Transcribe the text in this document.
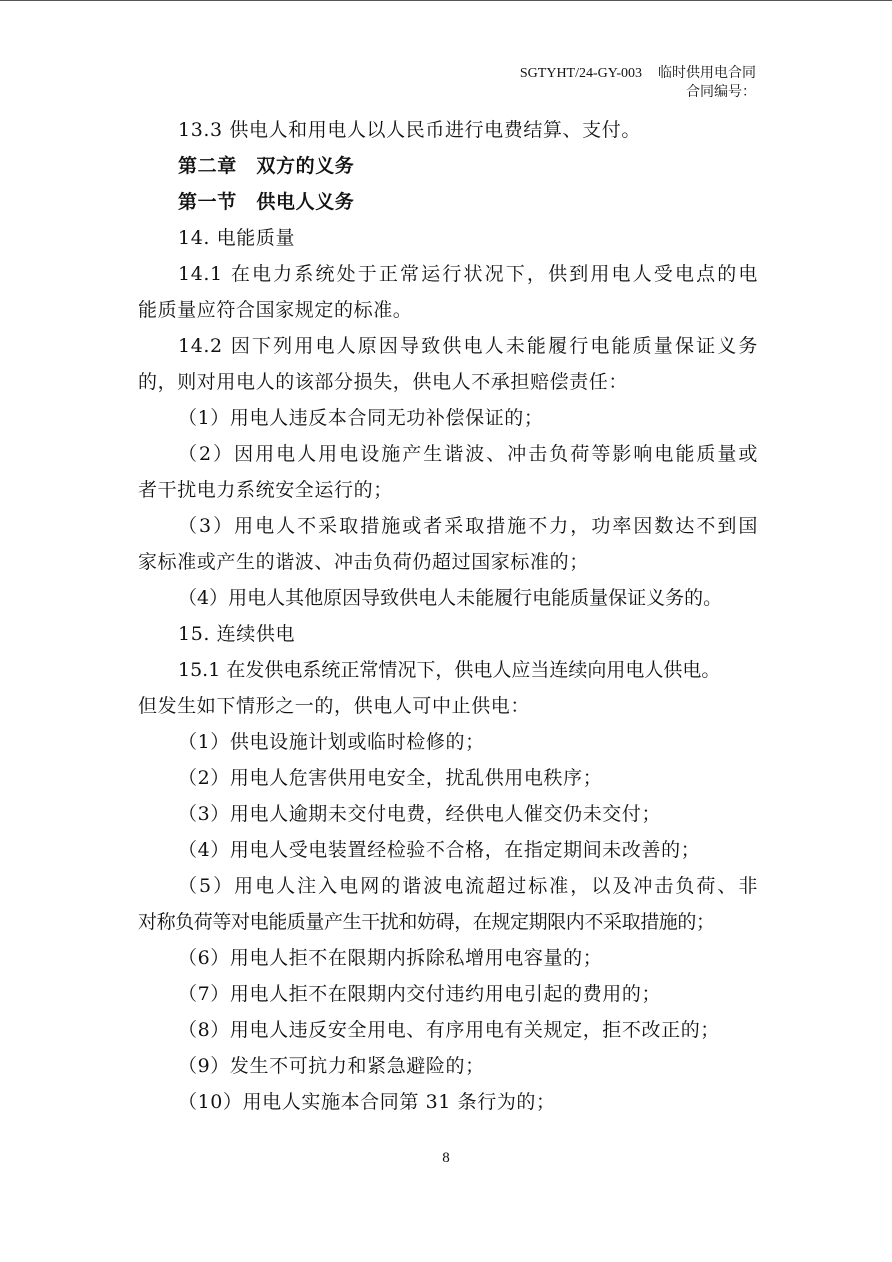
SGTYHT/24-GY-003 临时供用电合同
合同编号：
13.3 供电人和用电人以人民币进行电费结算、支付。
第二章　双方的义务
第一节　供电人义务
14. 电能质量
14.1 在电力系统处于正常运行状况下，供到用电人受电点的电
能质量应符合国家规定的标准。
14.2 因下列用电人原因导致供电人未能履行电能质量保证义务
的，则对用电人的该部分损失，供电人不承担赔偿责任：
（1）用电人违反本合同无功补偿保证的；
（2）因用电人用电设施产生谐波、冲击负荷等影响电能质量或
者干扰电力系统安全运行的；
（3）用电人不采取措施或者采取措施不力，功率因数达不到国
家标准或产生的谐波、冲击负荷仍超过国家标准的；
（4）用电人其他原因导致供电人未能履行电能质量保证义务的。
15. 连续供电
15.1 在发供电系统正常情况下，供电人应当连续向用电人供电。
但发生如下情形之一的，供电人可中止供电：
（1）供电设施计划或临时检修的；
（2）用电人危害供用电安全，扰乱供用电秩序；
（3）用电人逾期未交付电费，经供电人催交仍未交付；
（4）用电人受电装置经检验不合格，在指定期间未改善的；
（5）用电人注入电网的谐波电流超过标准，以及冲击负荷、非
对称负荷等对电能质量产生干扰和妨碍，在规定期限内不采取措施的；
（6）用电人拒不在限期内拆除私增用电容量的；
（7）用电人拒不在限期内交付违约用电引起的费用的；
（8）用电人违反安全用电、有序用电有关规定，拒不改正的；
（9）发生不可抗力和紧急避险的；
（10）用电人实施本合同第 31 条行为的；
8
